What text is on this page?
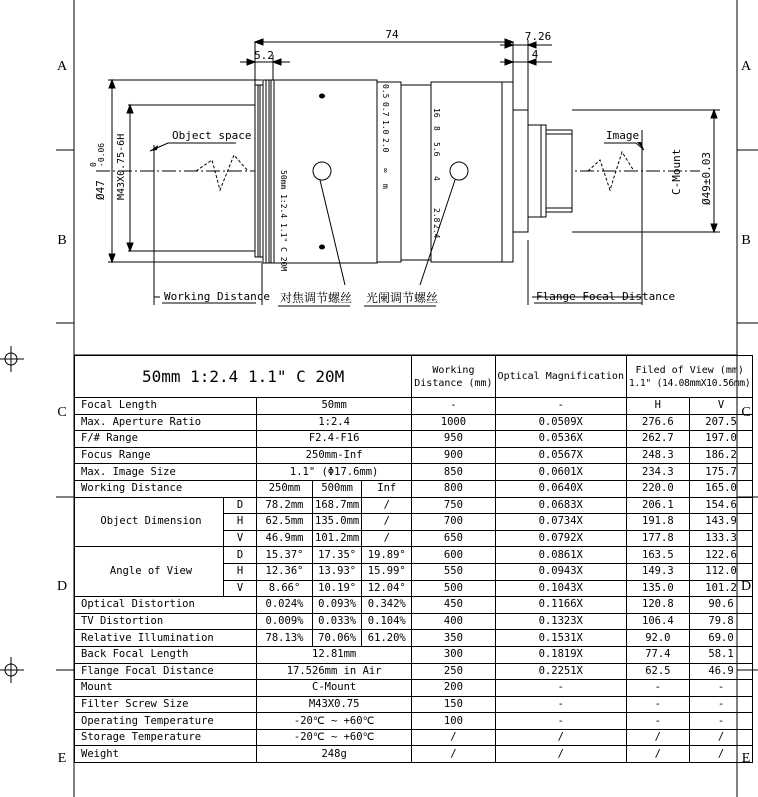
A
B
C
D
E
A
B
C
D
E
74
5.2
7.26
4
Ø47
0 -0.06 M43X0.75-6H	Object space
50mm 1:2.4 1.1" C 20M
0.5
0.7
1.0
2.0
∞
m
16
8
5.6
4
2.8
2.4
Image
Ø49±0.03
C-Mount
Working Distance 对焦调节螺丝 光阑调节螺丝	Flange Focal Distance
50mm 1:2.4 1.1" C 20M					Working
Distance (mm)	Optical Magnification	Filed of View (mm)
1.1" (14.08mmX10.56mm)	

Focal Length		50mm			-	-	H	V
Max. Aperture Ratio		1:2.4			1000	0.0509X	276.6	207.5
F/# Range		F2.4-F16			950	0.0536X	262.7	197.0
Focus Range		250mm-Inf			900	0.0567X	248.3	186.2
Max. Image Size		1.1" (Φ17.6mm)			850	0.0601X	234.3	175.7
Working Distance		250mm	500mm	Inf	800	0.0640X	220.0	165.0
Object Dimension	D	78.2mm	168.7mm	/	750	0.0683X	206.1	154.6
	H	62.5mm	135.0mm	/	700	0.0734X	191.8	143.9
	V	46.9mm	101.2mm	/	650	0.0792X	177.8	133.3
Angle of View	D	15.37°	17.35°	19.89°	600	0.0861X	163.5	122.6
	H	12.36°	13.93°	15.99°	550	0.0943X	149.3	112.0
	V	8.66°	10.19°	12.04°	500	0.1043X	135.0	101.2
Optical Distortion		0.024%	0.093%	0.342%	450	0.1166X	120.8	90.6
TV Distortion		0.009%	0.033%	0.104%	400	0.1323X	106.4	79.8
Relative Illumination		78.13%	70.06%	61.20%	350	0.1531X	92.0	69.0
Back Focal Length		12.81mm			300	0.1819X	77.4	58.1
Flange Focal Distance		17.526mm in Air			250	0.2251X	62.5	46.9
Mount		C-Mount			200	-	-	-
Filter Screw Size		M43X0.75			150	-	-	-
Operating Temperature		-20℃ ~ +60℃			100	-	-	-
Storage Temperature		-20℃ ~ +60℃			/	/	/	/
Weight		248g			/	/	/	/
